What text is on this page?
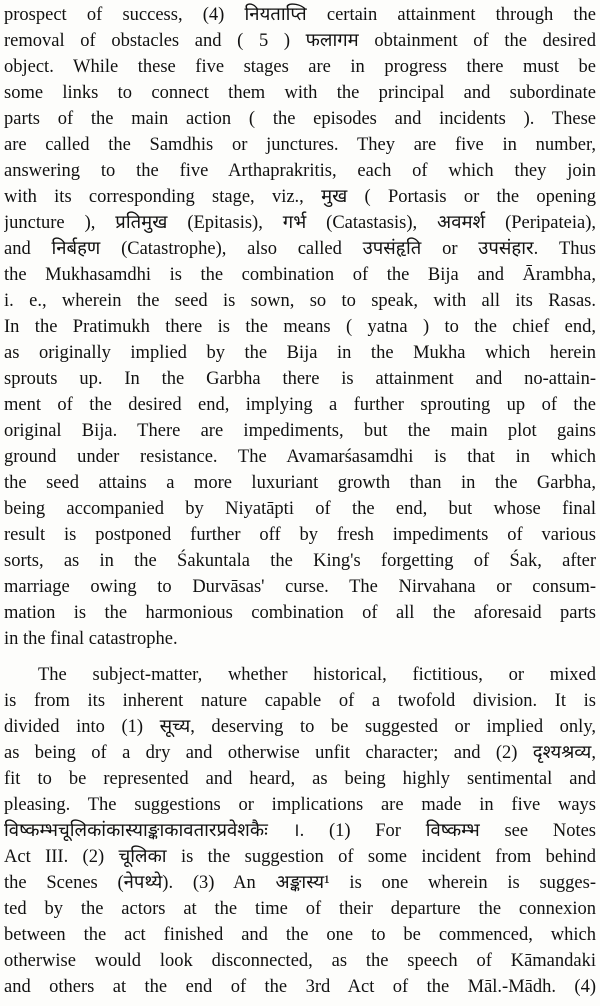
prospect of success, (4) नियताप्ति certain attainment through the
removal of obstacles and ( 5 ) फलागम obtainment of the desired
object. While these five stages are in progress there must be
some links to connect them with the principal and subordinate
parts of the main action ( the episodes and incidents ). These
are called the Samdhis or junctures. They are five in number,
answering to the five Arthaprakritis, each of which they join
with its corresponding stage, viz., मुख ( Portasis or the opening
juncture ), प्रतिमुख (Epitasis), गर्भ (Catastasis), अवमर्श (Peripateia),
and निर्बहण (Catastrophe), also called उपसंहृति or उपसंहार. Thus
the Mukhasamdhi is the combination of the Bija and Ārambha,
i. e., wherein the seed is sown, so to speak, with all its Rasas.
In the Pratimukh there is the means ( yatna ) to the chief end,
as originally implied by the Bija in the Mukha which herein
sprouts up. In the Garbha there is attainment and no-attain-
ment of the desired end, implying a further sprouting up of the
original Bija. There are impediments, but the main plot gains
ground under resistance. The Avamarśasamdhi is that in which
the seed attains a more luxuriant growth than in the Garbha,
being accompanied by Niyatāpti of the end, but whose final
result is postponed further off by fresh impediments of various
sorts, as in the Śakuntala the King's forgetting of Śak, after
marriage owing to Durvāsas' curse. The Nirvahana or consum-
mation is the harmonious combination of all the aforesaid parts
in the final catastrophe.
The subject-matter, whether historical, fictitious, or mixed
is from its inherent nature capable of a twofold division. It is
divided into (1) सूच्य, deserving to be suggested or implied only,
as being of a dry and otherwise unfit character; and (2) दृश्यश्रव्य,
fit to be represented and heard, as being highly sentimental and
pleasing. The suggestions or implications are made in five ways
विष्कम्भचूलिकांकास्याङ्काकावतारप्रवेशकैः ।. (1) For विष्कम्भ see Notes
Act III. (2) चूलिका is the suggestion of some incident from behind
the Scenes (नेपथ्ये). (3) An अङ्कास्य¹ is one wherein is sugges-
ted by the actors at the time of their departure the connexion
between the act finished and the one to be commenced, which
otherwise would look disconnected, as the speech of Kāmandaki
and others at the end of the 3rd Act of the Māl.-Mādh. (4)
